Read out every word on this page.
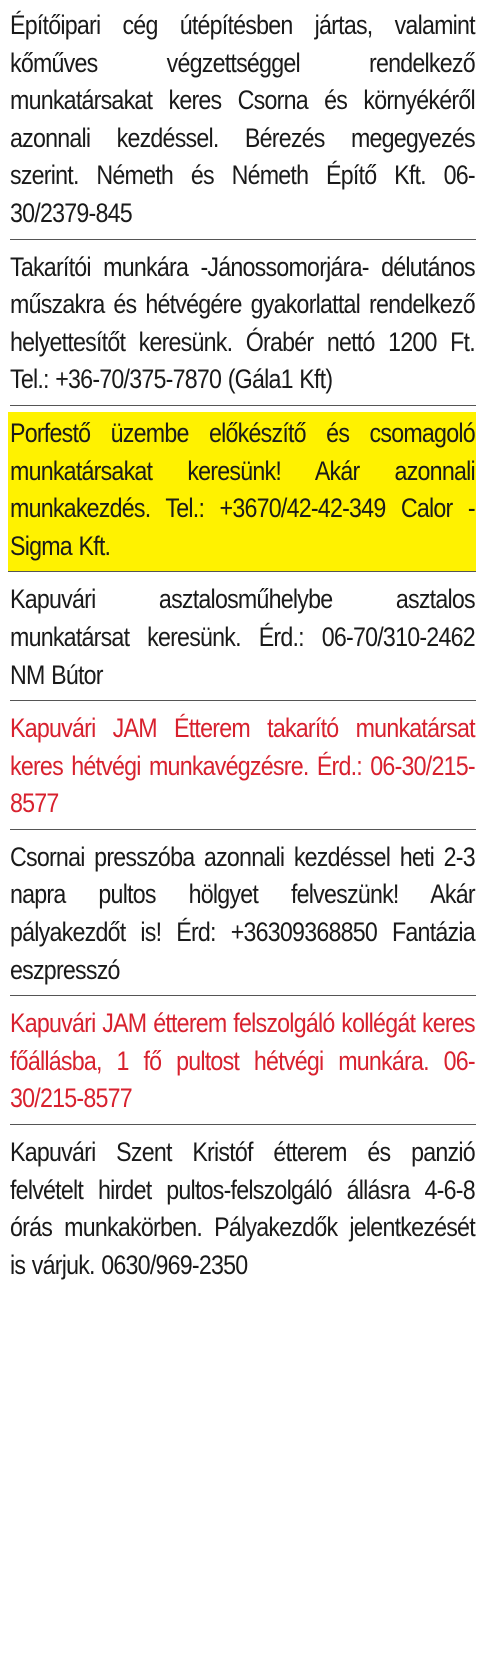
Építőipari cég útépítésben jártas, valamint kőműves végzettséggel rendelkező munkatársakat keres Csorna és környékéről azonnali kezdéssel. Bérezés megegyezés szerint. Németh és Németh Építő Kft. 06-30/2379-845

Takarítói munkára -Jánossomorjára- délutános műszakra és hétvégére gyakorlattal rendelkező helyettesítőt keresünk. Órabér nettó 1200 Ft. Tel.: +36-70/375-7870 (Gála1 Kft)

Porfestő üzembe előkészítő és csomagoló munkatársakat keresünk! Akár azonnali munkakezdés. Tel.: +3670/42-42-349 Calor - Sigma Kft.

Kapuvári asztalosműhelybe asztalos munkatársat keresünk. Érd.: 06-70/310-2462 NM Bútor

Kapuvári JAM Étterem takarító munkatársat keres hétvégi munkavégzésre. Érd.: 06-30/215-8577

Csornai presszóba azonnali kezdéssel heti 2-3 napra pultos hölgyet felveszünk! Akár pályakezdőt is! Érd: +36309368850 Fantázia eszpresszó

Kapuvári JAM étterem felszolgáló kollégát keres főállásba, 1 fő pultost hétvégi munkára. 06-30/215-8577

Kapuvári Szent Kristóf étterem és panzió felvételt hirdet pultos-felszolgáló állásra 4-6-8 órás munkakörben. Pályakezdők jelentkezését is várjuk. 0630/969-2350
